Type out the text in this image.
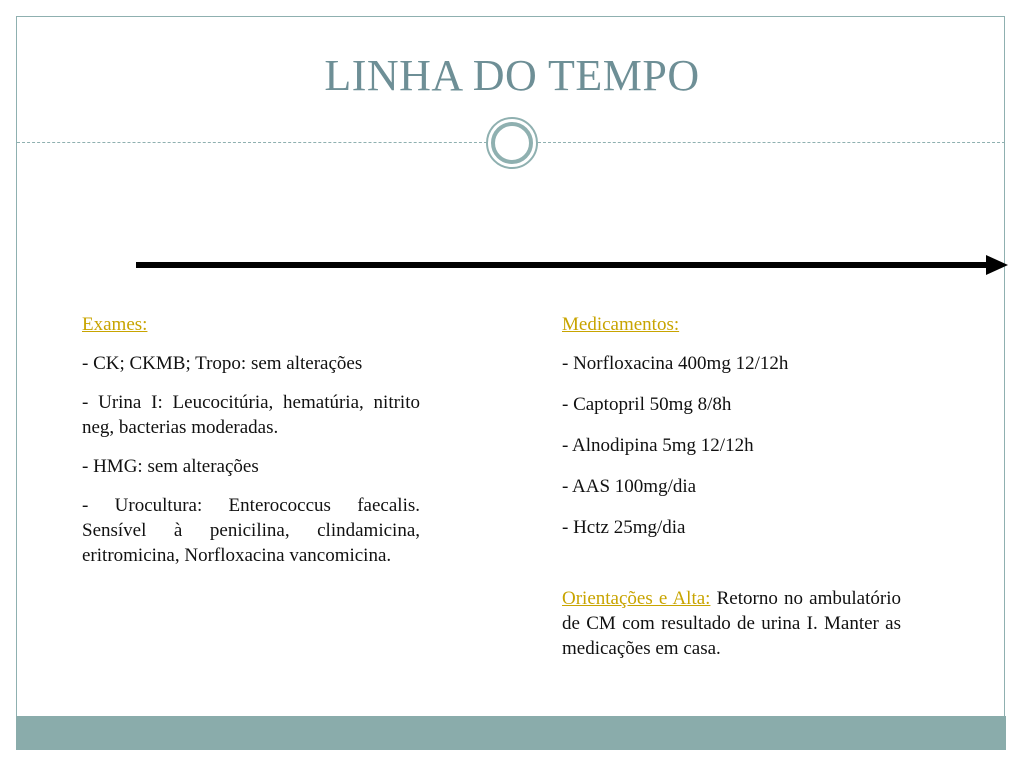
LINHA DO TEMPO
Exames:

- CK; CKMB; Tropo: sem alterações

- Urina I: Leucocitúria, hematúria, nitrito neg, bacterias moderadas.

- HMG: sem alterações

- Urocultura: Enterococcus faecalis. Sensível à penicilina, clindamicina, eritromicina, Norfloxacina vancomicina.

Medicamentos:

- Norfloxacina 400mg 12/12h

- Captopril 50mg 8/8h

- Alnodipina 5mg 12/12h

- AAS 100mg/dia

- Hctz 25mg/dia

Orientações e Alta: Retorno no ambulatório de CM com resultado de urina I. Manter as medicações em casa.
